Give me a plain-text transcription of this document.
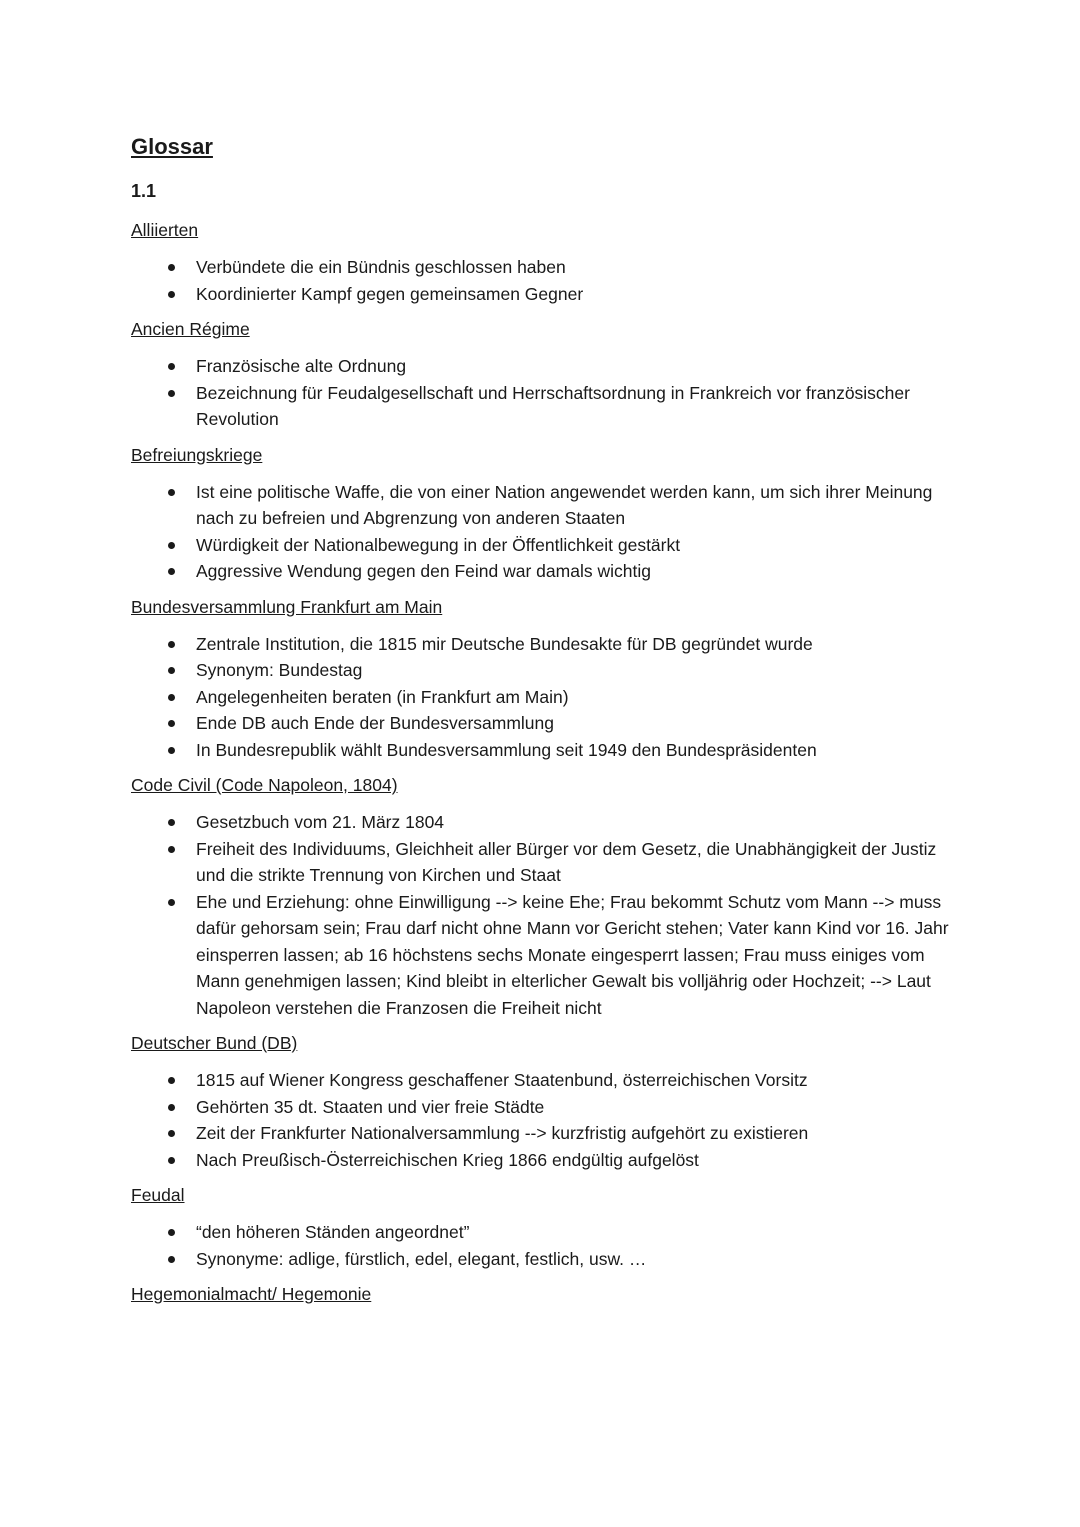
Glossar
1.1
Alliierten
Verbündete die ein Bündnis geschlossen haben
Koordinierter Kampf gegen gemeinsamen Gegner
Ancien Régime
Französische alte Ordnung
Bezeichnung für Feudalgesellschaft und Herrschaftsordnung in Frankreich vor französischer Revolution
Befreiungskriege
Ist eine politische Waffe, die von einer Nation angewendet werden kann, um sich ihrer Meinung nach zu befreien und Abgrenzung von anderen Staaten
Würdigkeit der Nationalbewegung in der Öffentlichkeit gestärkt
Aggressive Wendung gegen den Feind war damals wichtig
Bundesversammlung Frankfurt am Main
Zentrale Institution, die 1815 mir Deutsche Bundesakte für DB gegründet wurde
Synonym: Bundestag
Angelegenheiten beraten (in Frankfurt am Main)
Ende DB auch Ende der Bundesversammlung
In Bundesrepublik wählt Bundesversammlung seit 1949 den Bundespräsidenten
Code Civil (Code Napoleon, 1804)
Gesetzbuch vom 21. März 1804
Freiheit des Individuums, Gleichheit aller Bürger vor dem Gesetz, die Unabhängigkeit der Justiz und die strikte Trennung von Kirchen und Staat
Ehe und Erziehung: ohne Einwilligung --> keine Ehe; Frau bekommt Schutz vom Mann --> muss dafür gehorsam sein; Frau darf nicht ohne Mann vor Gericht stehen; Vater kann Kind vor 16. Jahr einsperren lassen; ab 16 höchstens sechs Monate eingesperrt lassen; Frau muss einiges vom Mann genehmigen lassen; Kind bleibt in elterlicher Gewalt bis volljährig oder Hochzeit; --> Laut Napoleon verstehen die Franzosen die Freiheit nicht
Deutscher Bund (DB)
1815 auf Wiener Kongress geschaffener Staatenbund, österreichischen Vorsitz
Gehörten 35 dt. Staaten und vier freie Städte
Zeit der Frankfurter Nationalversammlung --> kurzfristig aufgehört zu existieren
Nach Preußisch-Österreichischen Krieg 1866 endgültig aufgelöst
Feudal
“den höheren Ständen angeordnet”
Synonyme: adlige, fürstlich, edel, elegant, festlich, usw. …
Hegemonialmacht/ Hegemonie
